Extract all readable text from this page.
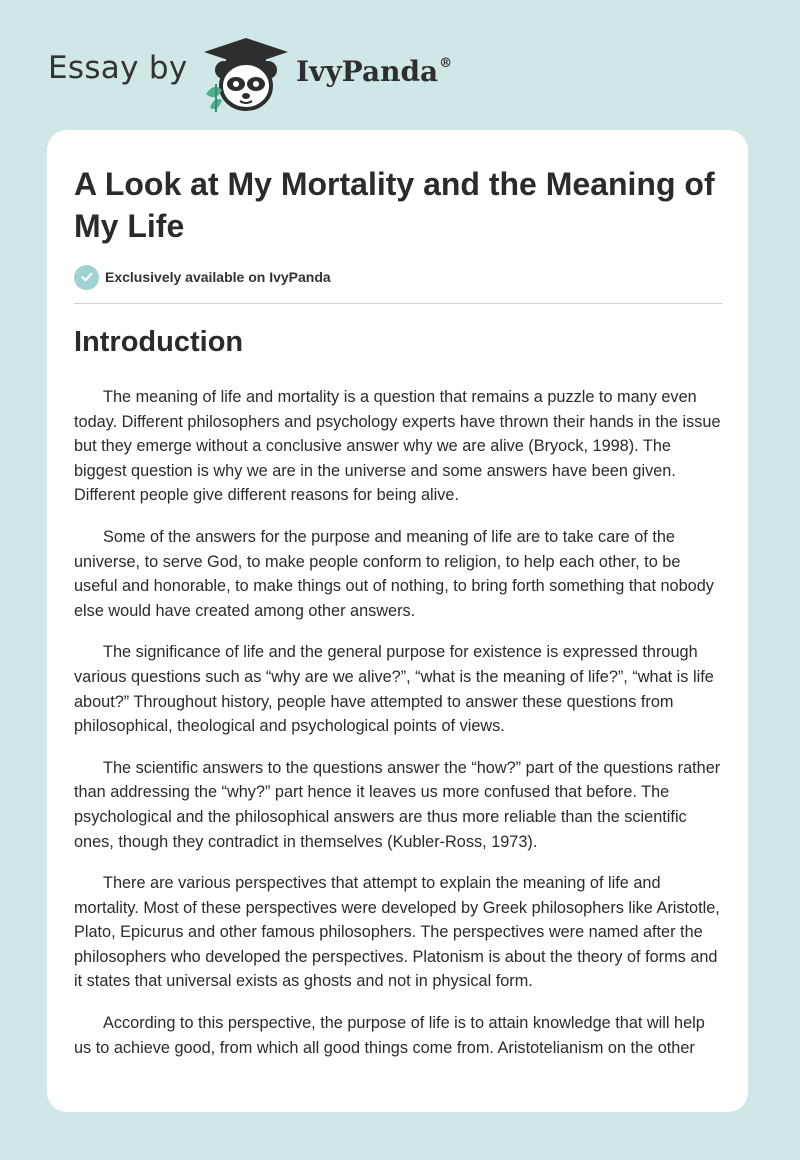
Essay by	IvyPanda®
A Look at My Mortality and the Meaning of My Life
Exclusively available on IvyPanda
Introduction

The meaning of life and mortality is a question that remains a puzzle to many even today. Different philosophers and psychology experts have thrown their hands in the issue but they emerge without a conclusive answer why we are alive (Bryock, 1998). The biggest question is why we are in the universe and some answers have been given. Different people give different reasons for being alive.

Some of the answers for the purpose and meaning of life are to take care of the universe, to serve God, to make people conform to religion, to help each other, to be useful and honorable, to make things out of nothing, to bring forth something that nobody else would have created among other answers.

The significance of life and the general purpose for existence is expressed through various questions such as “why are we alive?”, “what is the meaning of life?”, “what is life about?” Throughout history, people have attempted to answer these questions from philosophical, theological and psychological points of views.

The scientific answers to the questions answer the “how?” part of the questions rather than addressing the “why?” part hence it leaves us more confused that before. The psychological and the philosophical answers are thus more reliable than the scientific ones, though they contradict in themselves (Kubler-Ross, 1973).

There are various perspectives that attempt to explain the meaning of life and mortality. Most of these perspectives were developed by Greek philosophers like Aristotle, Plato, Epicurus and other famous philosophers. The perspectives were named after the philosophers who developed the perspectives. Platonism is about the theory of forms and it states that universal exists as ghosts and not in physical form.

According to this perspective, the purpose of life is to attain knowledge that will help us to achieve good, from which all good things come from. Aristotelianism on the other
